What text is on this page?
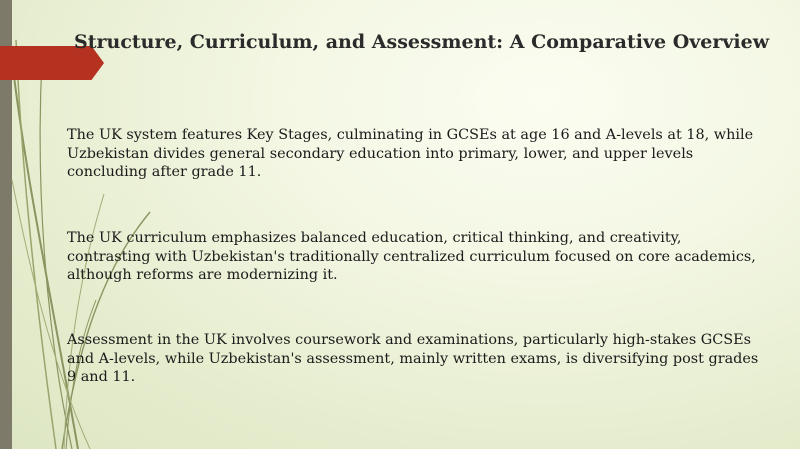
Structure, Curriculum, and Assessment: A Comparative Overview

The UK system features Key Stages, culminating in GCSEs at age 16 and A-levels at 18, while Uzbekistan divides general secondary education into primary, lower, and upper levels concluding after grade 11.

The UK curriculum emphasizes balanced education, critical thinking, and creativity, contrasting with Uzbekistan's traditionally centralized curriculum focused on core academics, although reforms are modernizing it.

Assessment in the UK involves coursework and examinations, particularly high-stakes GCSEs and A-levels, while Uzbekistan's assessment, mainly written exams, is diversifying post grades 9 and 11.
